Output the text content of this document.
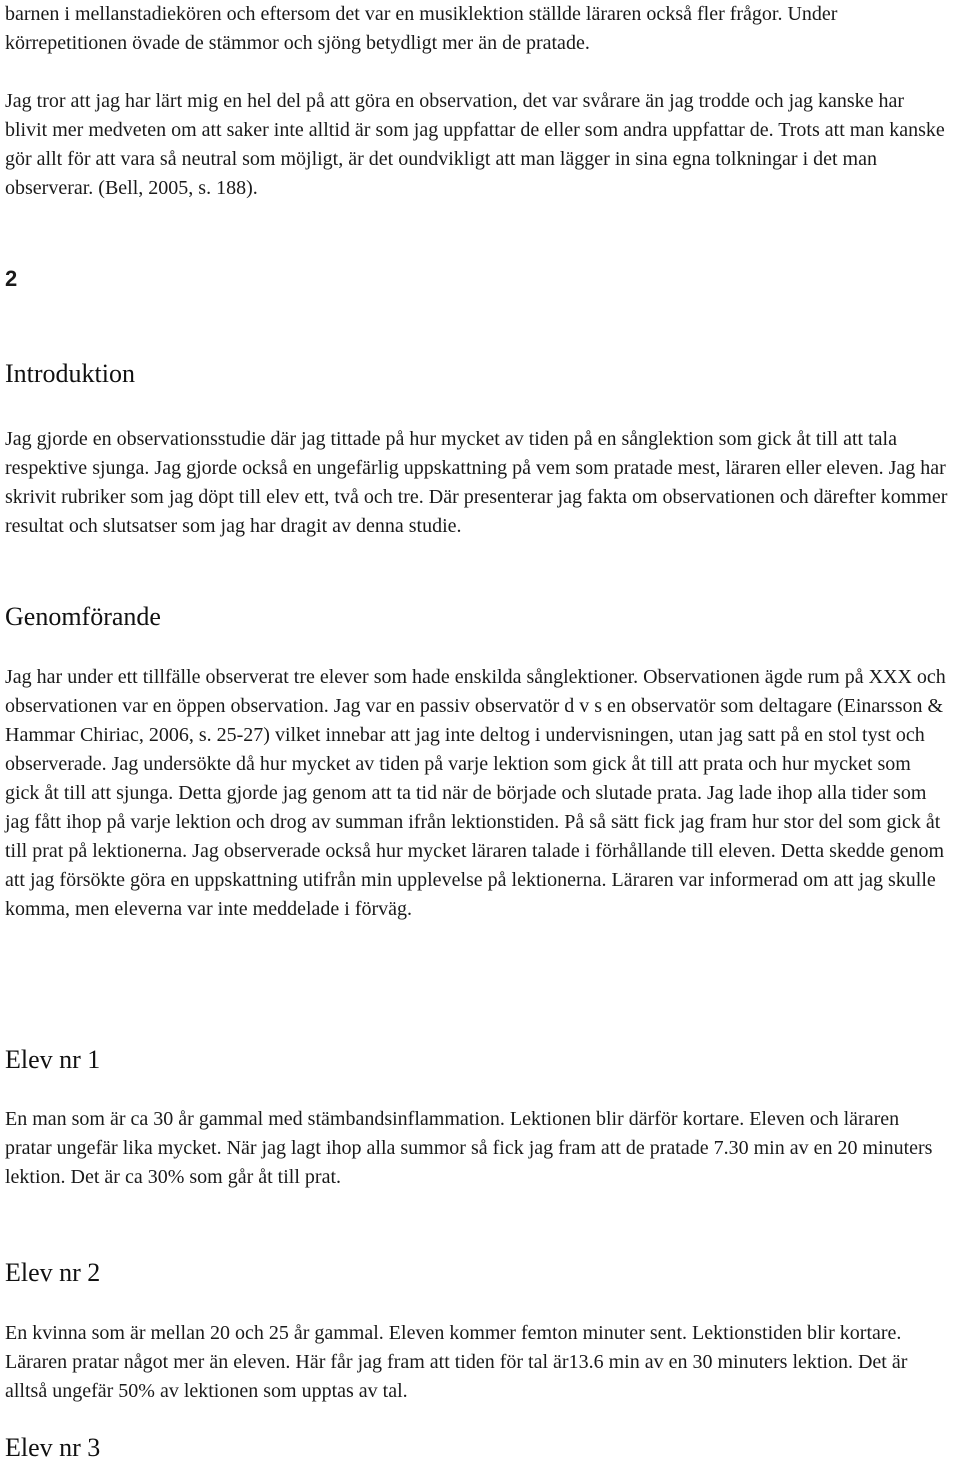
barnen i mellanstadiekören och eftersom det var en musiklektion ställde läraren också fler frågor. Under körrepetitionen övade de stämmor och sjöng betydligt mer än de pratade.

Jag tror att jag har lärt mig en hel del på att göra en observation, det var svårare än jag trodde och jag kanske har blivit mer medveten om att saker inte alltid är som jag uppfattar de eller som andra uppfattar de. Trots att man kanske gör allt för att vara så neutral som möjligt, är det oundvikligt att man lägger in sina egna tolkningar i det man observerar. (Bell, 2005, s. 188).

2
Introduktion

Jag gjorde en observationsstudie där jag tittade på hur mycket av tiden på en sånglektion som gick åt till att tala respektive sjunga. Jag gjorde också en ungefärlig uppskattning på vem som pratade mest, läraren eller eleven. Jag har skrivit rubriker som jag döpt till elev ett, två och tre. Där presenterar jag fakta om observationen och därefter kommer resultat och slutsatser som jag har dragit av denna studie.

Genomförande

Jag har under ett tillfälle observerat tre elever som hade enskilda sånglektioner. Observationen ägde rum på XXX och observationen var en öppen observation. Jag var en passiv observatör d v s en observatör som deltagare (Einarsson & Hammar Chiriac, 2006, s. 25-27) vilket innebar att jag inte deltog i undervisningen, utan jag satt på en stol tyst och observerade. Jag undersökte då hur mycket av tiden på varje lektion som gick åt till att prata och hur mycket som gick åt till att sjunga. Detta gjorde jag genom att ta tid när de började och slutade prata. Jag lade ihop alla tider som jag fått ihop på varje lektion och drog av summan ifrån lektionstiden. På så sätt fick jag fram hur stor del som gick åt till prat på lektionerna. Jag observerade också hur mycket läraren talade i förhållande till eleven. Detta skedde genom att jag försökte göra en uppskattning utifrån min upplevelse på lektionerna. Läraren var informerad om att jag skulle komma, men eleverna var inte meddelade i förväg.

Elev nr 1

En man som är ca 30 år gammal med stämbandsinflammation. Lektionen blir därför kortare. Eleven och läraren pratar ungefär lika mycket. När jag lagt ihop alla summor så fick jag fram att de pratade 7.30 min av en 20 minuters lektion. Det är ca 30% som går åt till prat.

Elev nr 2

En kvinna som är mellan 20 och 25 år gammal. Eleven kommer femton minuter sent. Lektionstiden blir kortare. Läraren pratar något mer än eleven. Här får jag fram att tiden för tal är13.6 min av en 30 minuters lektion. Det är alltså ungefär 50% av lektionen som upptas av tal.

Elev nr 3
